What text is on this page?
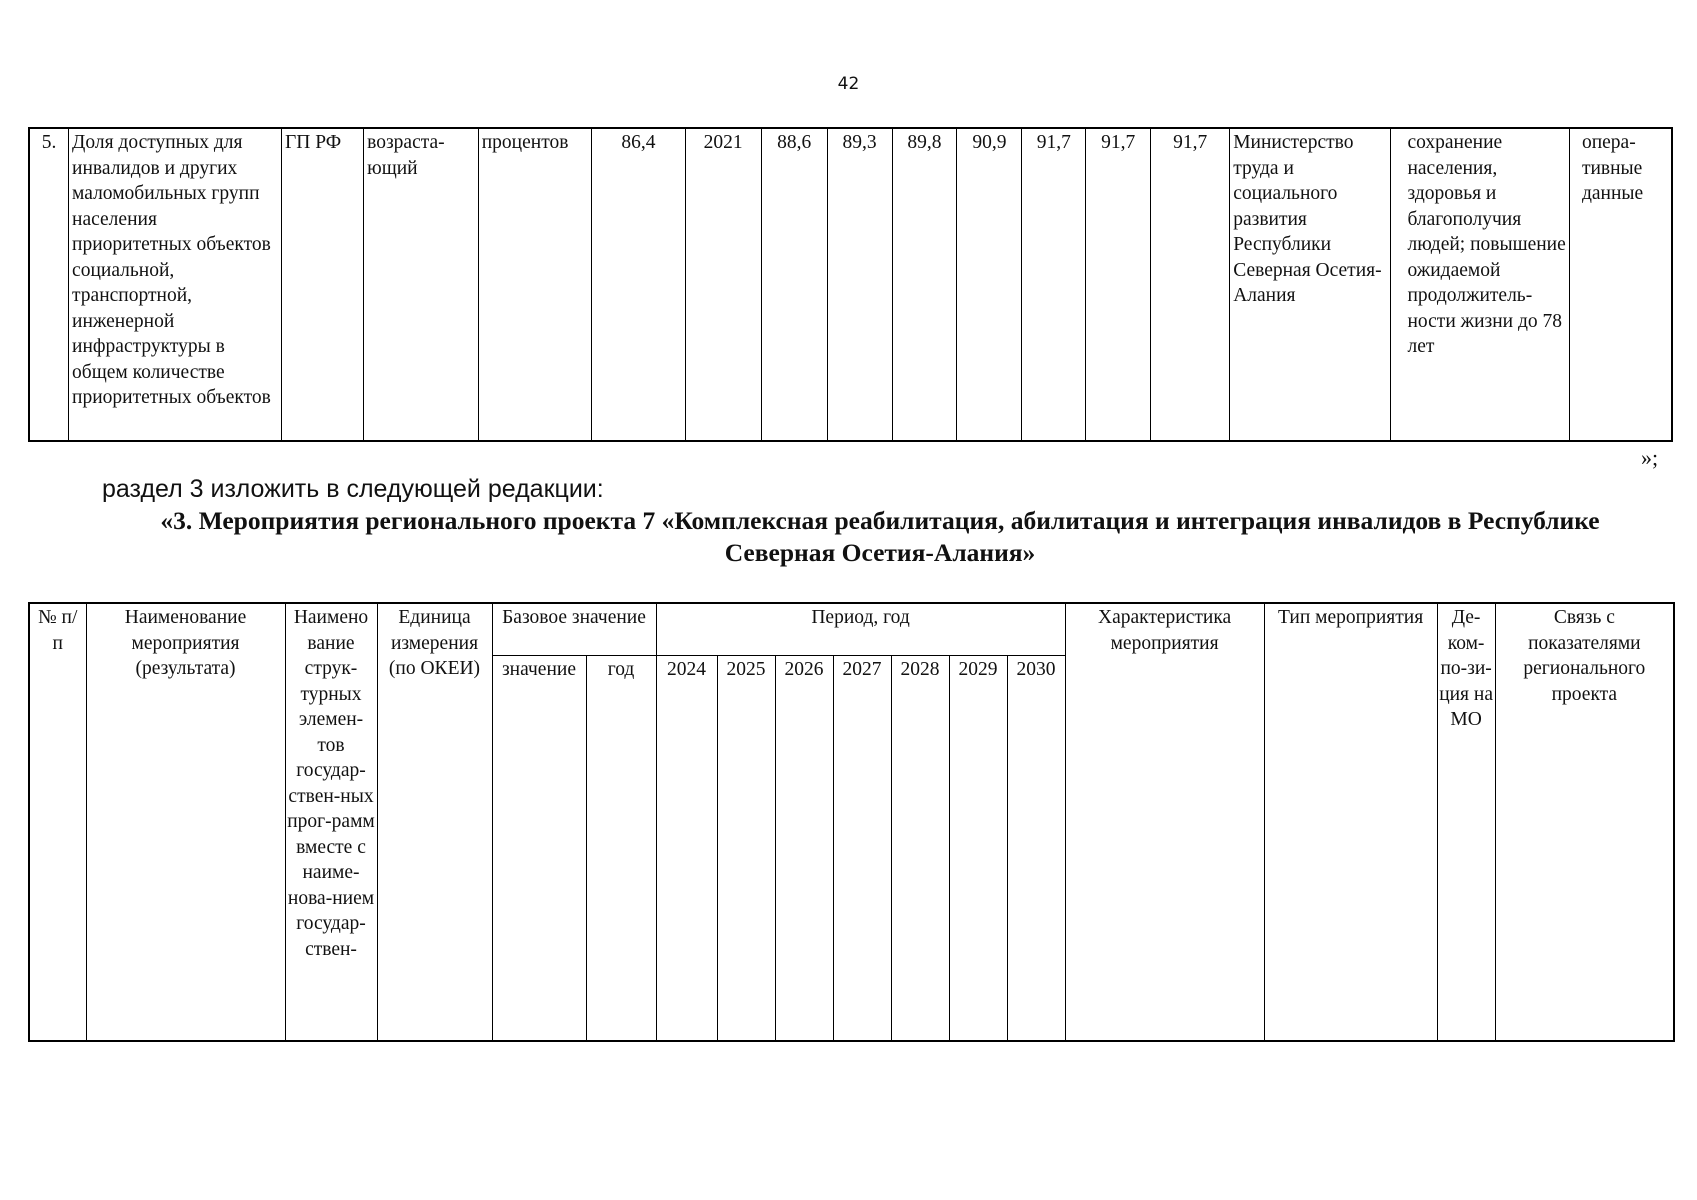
42
5.	Доля доступных для инвалидов и других маломобильных групп населения приоритетных объектов социальной, транспортной, инженерной инфраструктуры в общем количестве приоритетных объектов	ГП РФ	возраста-ющий	процентов	86,4	2021	88,6	89,3	89,8	90,9	91,7	91,7	91,7	Министерство труда и социального развития Республики Северная Осетия-Алания	сохранение населения, здоровья и благополучия людей; повышение ожидаемой продолжитель-ности жизни до 78 лет	опера-тивные данные
»;
раздел 3 изложить в следующей редакции:
«3. Мероприятия регионального проекта 7 «Комплексная реабилитация, абилитация и интеграция инвалидов в Республике Северная Осетия-Алания»
№ п/п	Наименование мероприятия (результата)	Наимено вание струк-турных элемен-тов государ-ствен-ных прог-рамм вместе с наиме-нова-нием государ-ствен-	Единица измерения (по ОКЕИ)	Базовое значение		Период, год							Характеристика мероприятия	Тип мероприятия	Де-ком-по-зи-ция на МО	Связь с показателями регионального проекта
				значение	год	2024	2025	2026	2027	2028	2029	2030				
